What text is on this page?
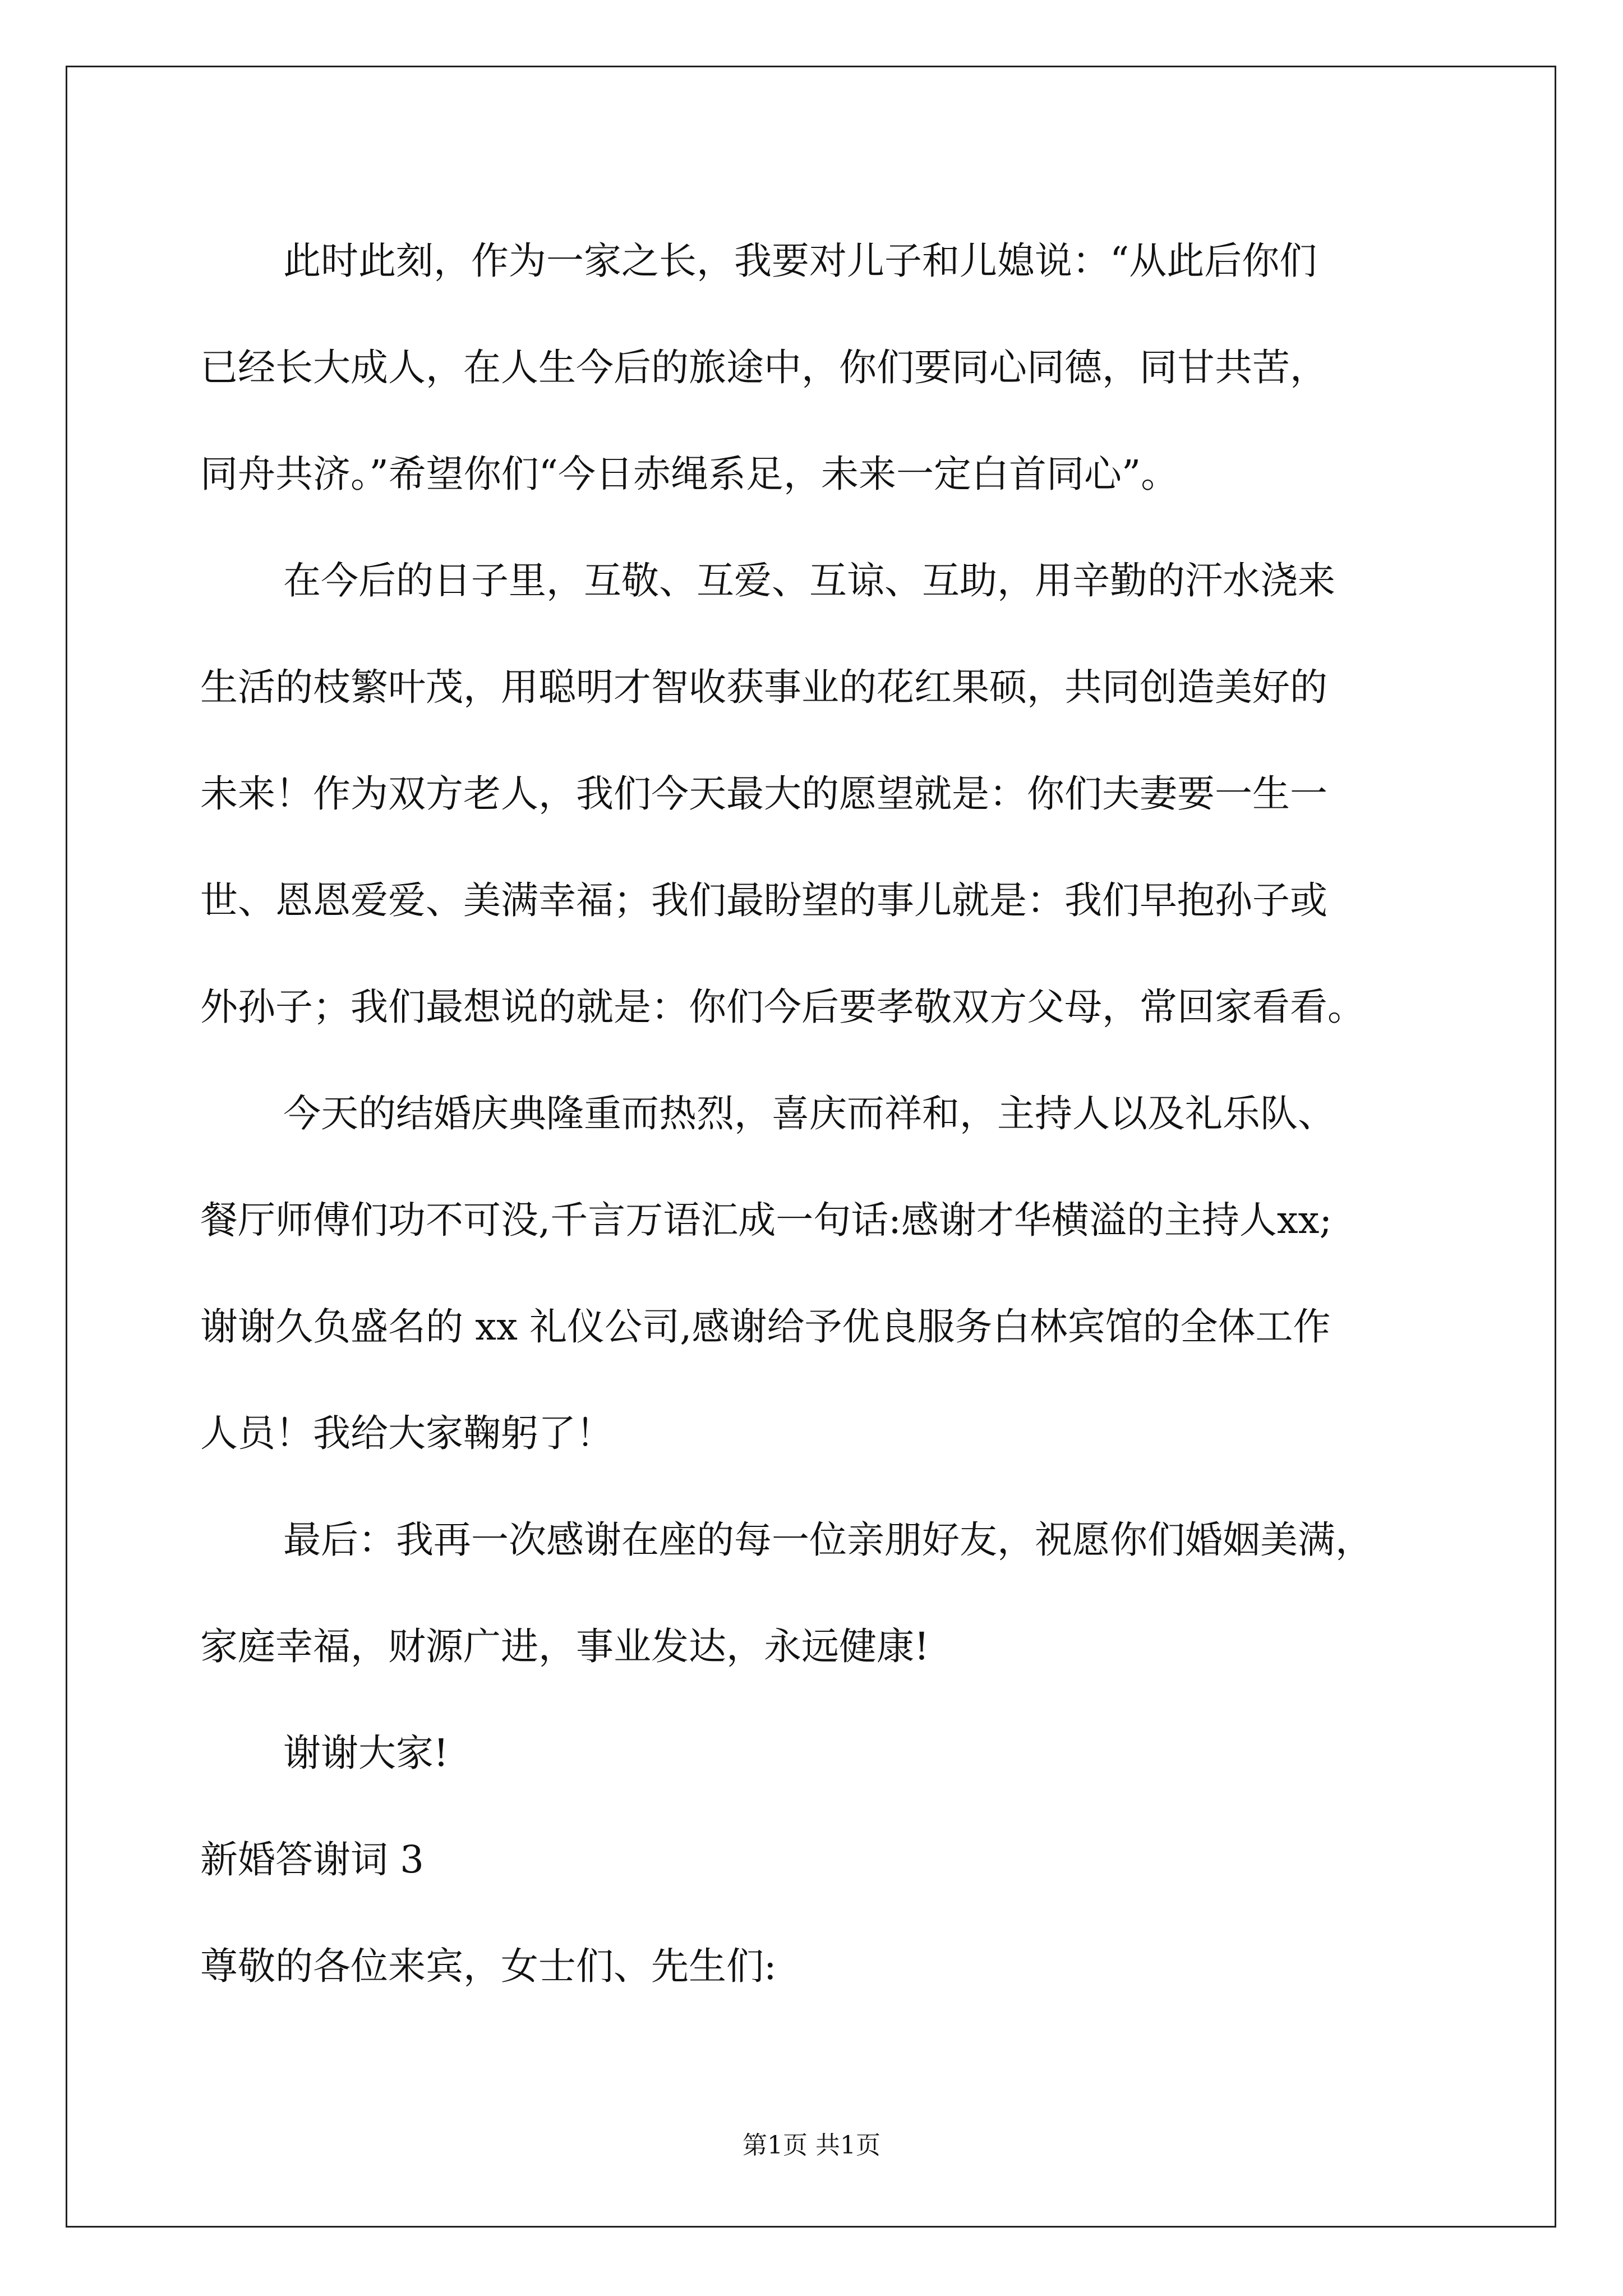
此时此刻，作为一家之长，我要对儿子和儿媳说：“从此后你们

已经长大成人，在人生今后的旅途中，你们要同心同德，同甘共苦，

同舟共济。”希望你们“今日赤绳系足，未来一定白首同心”。

在今后的日子里，互敬、互爱、互谅、互助，用辛勤的汗水浇来

生活的枝繁叶茂，用聪明才智收获事业的花红果硕，共同创造美好的

未来！作为双方老人，我们今天最大的愿望就是：你们夫妻要一生一

世、恩恩爱爱、美满幸福；我们最盼望的事儿就是：我们早抱孙子或

外孙子；我们最想说的就是：你们今后要孝敬双方父母，常回家看看。

今天的结婚庆典隆重而热烈，喜庆而祥和，主持人以及礼乐队、

餐厅师傅们功不可没,千言万语汇成一句话:感谢才华横溢的主持人xx;

谢谢久负盛名的 xx 礼仪公司,感谢给予优良服务白林宾馆的全体工作

人员！我给大家鞠躬了！

最后：我再一次感谢在座的每一位亲朋好友，祝愿你们婚姻美满，

家庭幸福，财源广进，事业发达，永远健康!

谢谢大家!

新婚答谢词 3

尊敬的各位来宾，女士们、先生们:

第1页 共1页
